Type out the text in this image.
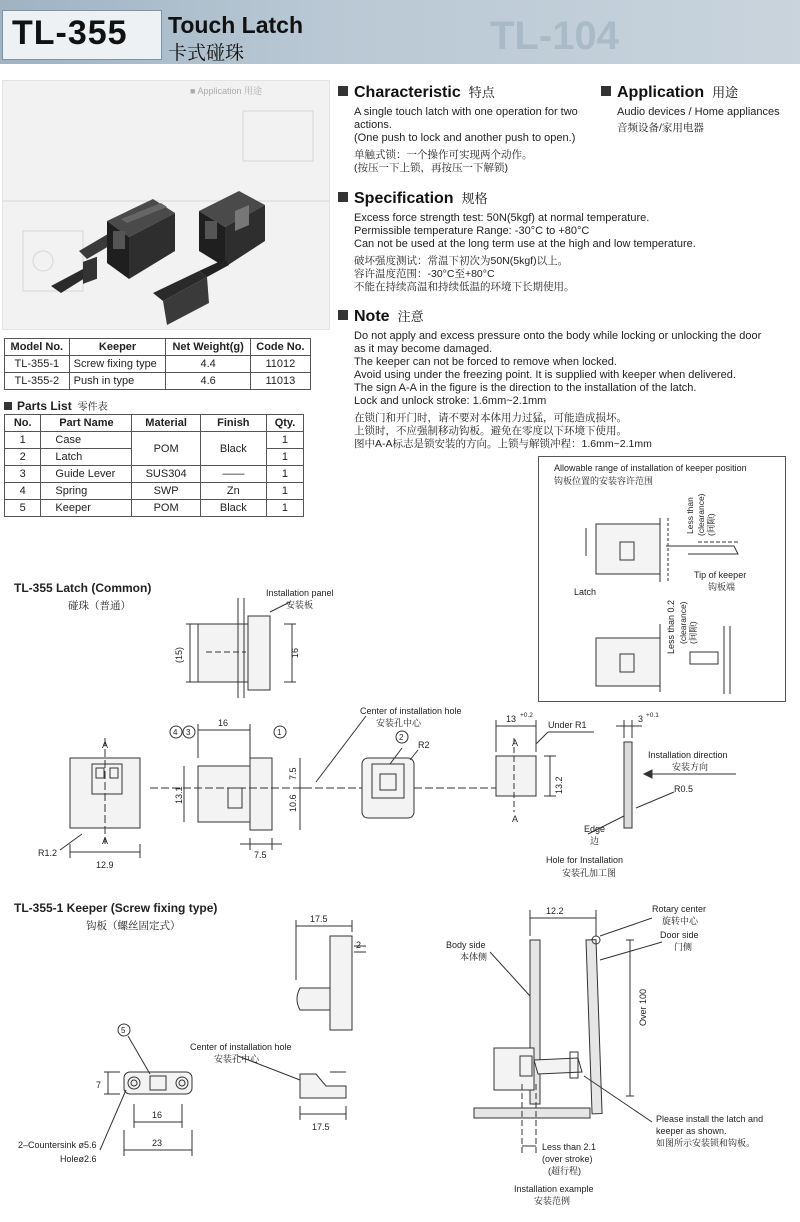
TL-104
TL-355 Touch Latch
卡式碰珠
■ Application 用途	Characteristic 特点

A single touch latch with one operation for two

actions.

(One push to lock and another push to open.)

单触式锁：一个操作可实现两个动作。

(按压一下上锁，再按压一下解锁)

Application 用途

Audio devices / Home appliances

音频设备/家用电器

Specification 规格

Excess force strength test: 50N(5kgf) at normal temperature.

Permissible temperature Range: -30°C to +80°C

Can not be used at the long term use at the high and low temperature.

破坏强度测试：常温下初次为50N(5kgf)以上。

容许温度范围：-30°C至+80°C

不能在持续高温和持续低温的环境下长期使用。

Note 注意

Do not apply and excess pressure onto the body while locking or unlocking the door

as it may become damaged.

The keeper can not be forced to remove when locked.

Avoid using under the freezing point. It is supplied with keeper when delivered.

The sign A-A in the figure is the direction to the installation of the latch.

Lock and unlock stroke: 1.6mm~2.1mm

在锁门和开门时，请不要对本体用力过猛，可能造成损坏。

上锁时，不应强制移动钩板。避免在零度以下环境下使用。

图中A-A标志是锁安装的方向。上锁与解锁冲程：1.6mm~2.1mm

Model No.	Keeper	Net Weight(g)	Code No.
TL-355-1	Screw fixing type	4.4	11012
TL-355-2	Push in type	4.6	11013
Parts List 零件表
No.	Part Name	Material	Finish	Qty.
1	Case	POM	Black	1
2	Latch			1
3	Guide Lever	SUS304	——	1
4	Spring	SWP	Zn	1
5	Keeper	POM	Black	1
Allowable range of installation of keeper position
钩板位置的安装容许范围
Less than (clearance) (间隙)
Tip of keeper
钩板端
Latch
Less than 0.2 (clearance) (间隙)
TL-355 Latch (Common)
碰珠（普通）
Installation panel
安装板
(15)	16
16
Center of installation hole
安装孔中心
A
A
R1.2
12.9
13.1
7.5
10.6
7.5
R2
4 3	1
2
13 +0.2
Under R1
A
13.2
A
3 +0.1
Installation direction
安装方向
R0.5
Edge
边
Hole for Installation
安装孔加工图
TL-355-1 Keeper (Screw fixing type)
钩板（螺丝固定式）
17.5
2
Center of installation hole
安装孔中心
5
7
16
23
17.5
2–Countersink ø5.6
Holeø2.6
12.2	Rotary center
旋转中心
Door side
门侧
Body side
本体侧
Over 100
Please install the latch and
keeper as shown.
如图所示安装锁和钩板。
Less than 2.1
(over stroke)
(超行程)
Installation example
安装范例
